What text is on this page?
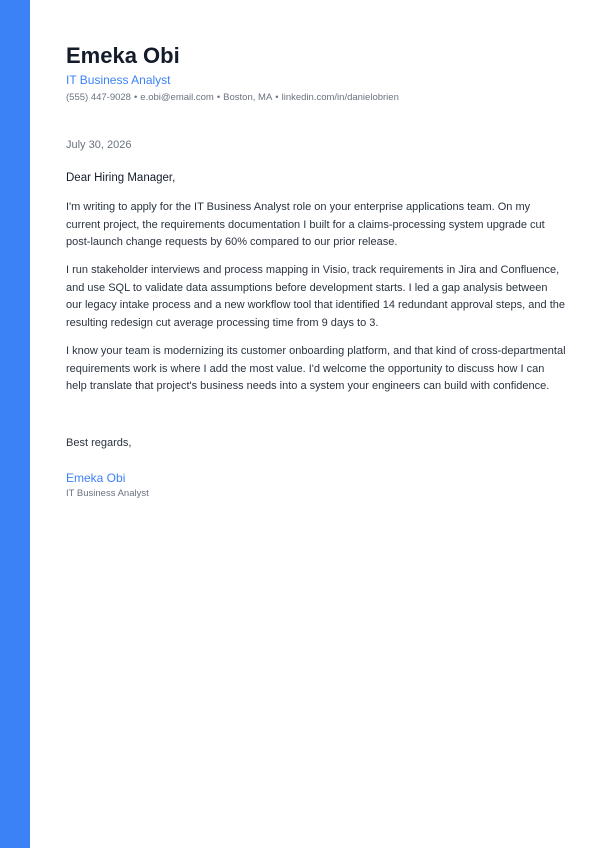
Emeka Obi
IT Business Analyst
(555) 447-9028 • e.obi@email.com • Boston, MA • linkedin.com/in/danielobrien
July 30, 2026
Dear Hiring Manager,

I'm writing to apply for the IT Business Analyst role on your enterprise applications team. On my current project, the requirements documentation I built for a claims-processing system upgrade cut post-launch change requests by 60% compared to our prior release.

I run stakeholder interviews and process mapping in Visio, track requirements in Jira and Confluence, and use SQL to validate data assumptions before development starts. I led a gap analysis between our legacy intake process and a new workflow tool that identified 14 redundant approval steps, and the resulting redesign cut average processing time from 9 days to 3.

I know your team is modernizing its customer onboarding platform, and that kind of cross-departmental requirements work is where I add the most value. I'd welcome the opportunity to discuss how I can help translate that project's business needs into a system your engineers can build with confidence.

Best regards,
Emeka Obi
IT Business Analyst
